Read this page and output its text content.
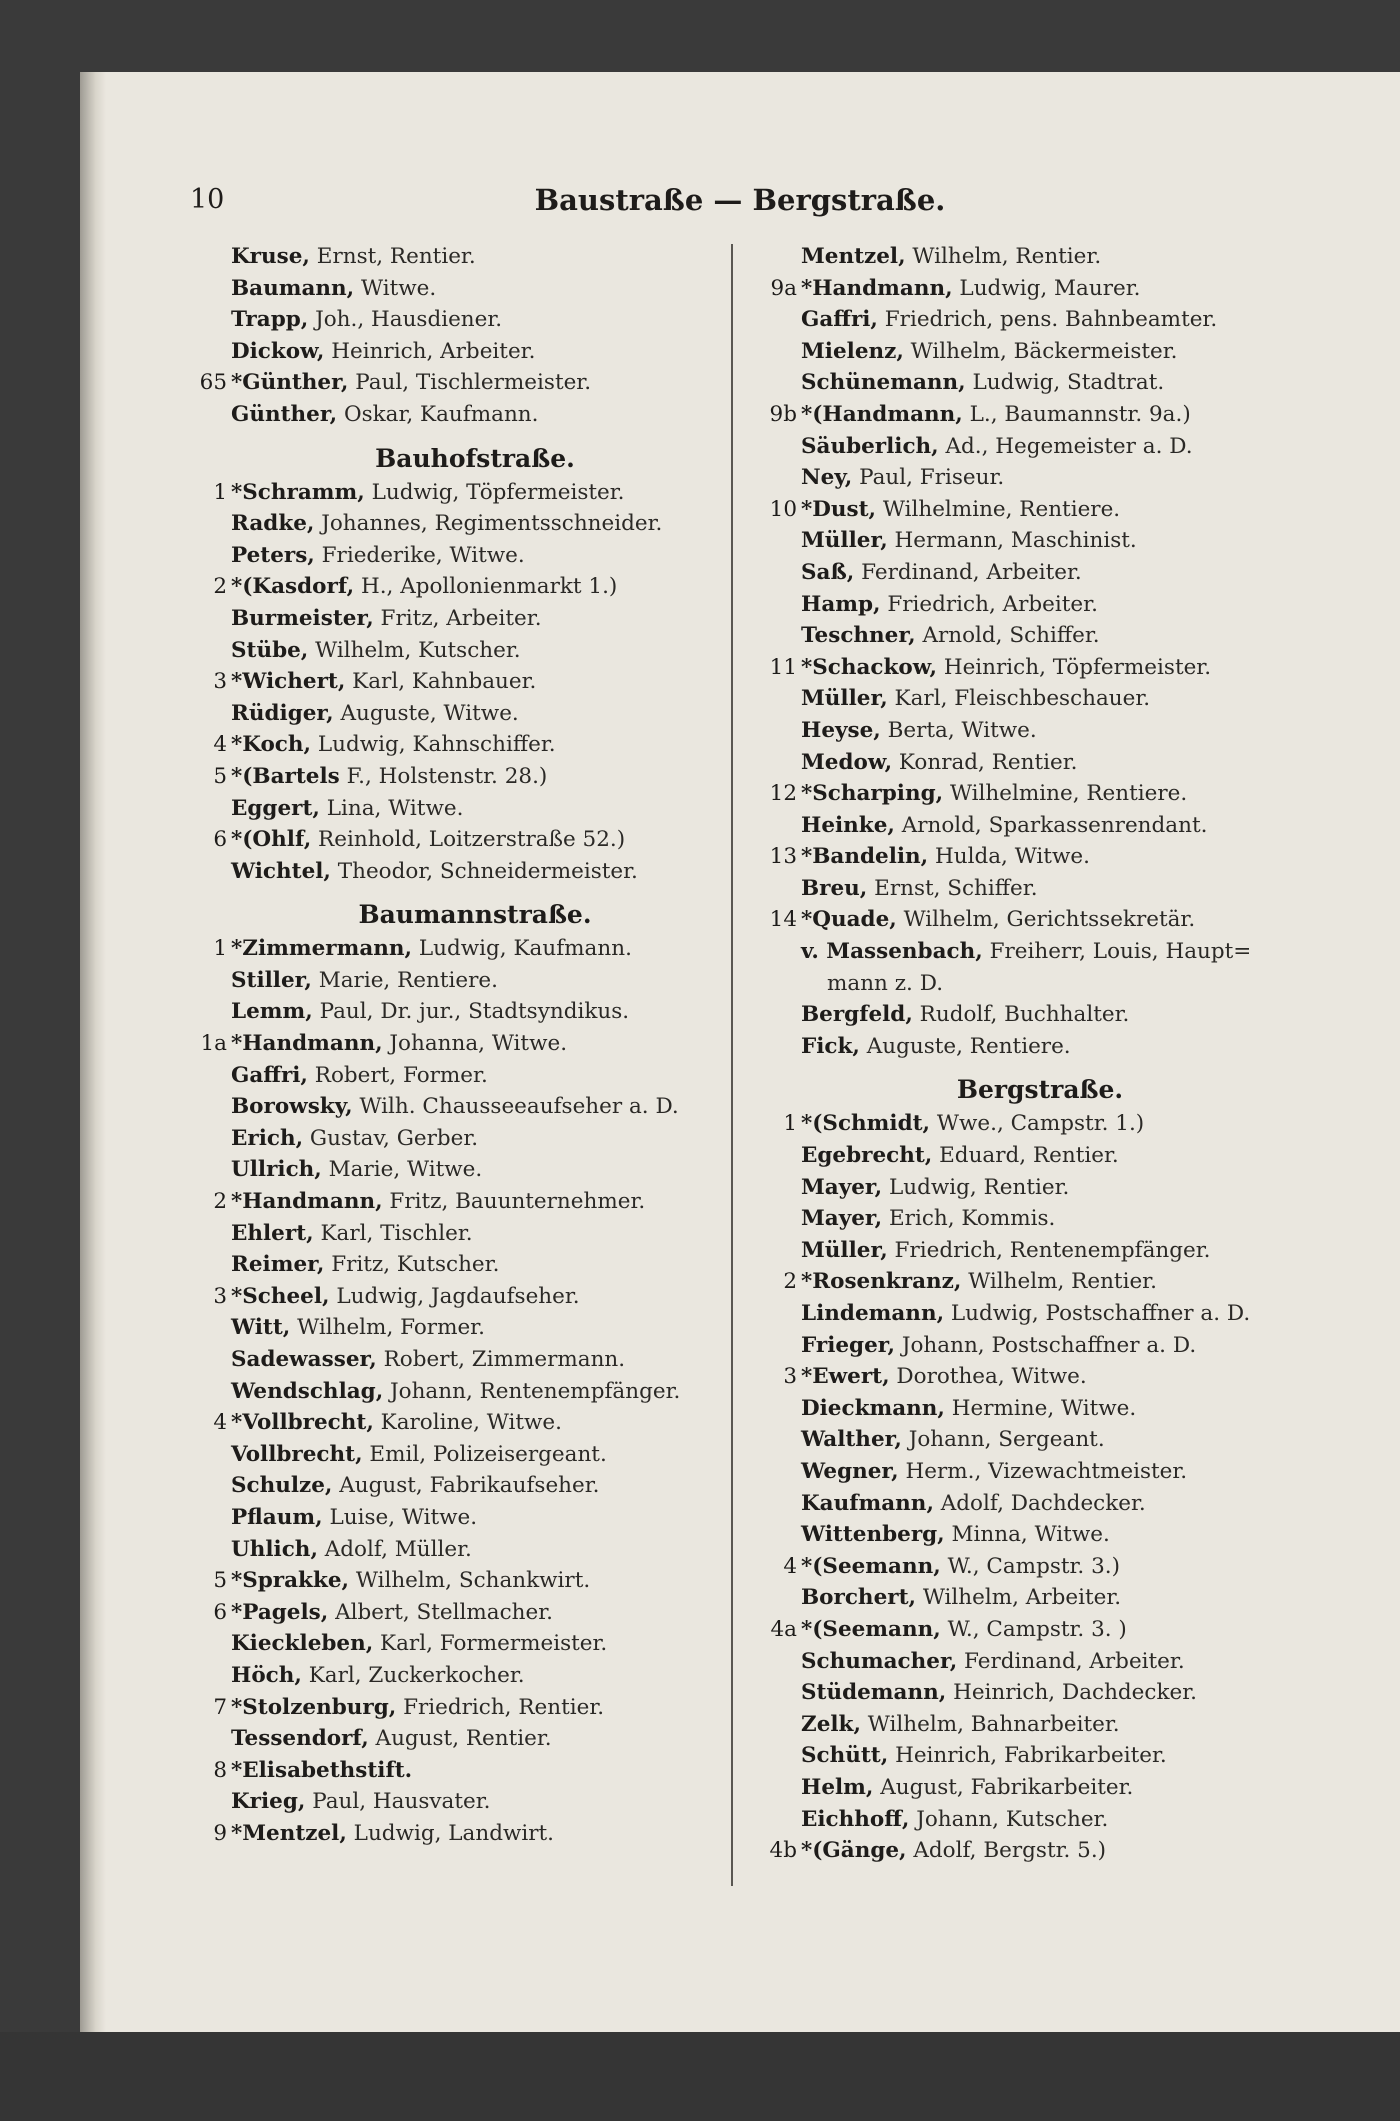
10	Baustraße — Bergstraße.
Kruse, Ernst, Rentier.
Baumann, Witwe.
Trapp, Joh., Hausdiener.
Dickow, Heinrich, Arbeiter.
65 *Günther, Paul, Tischlermeister.
Günther, Oskar, Kaufmann.
Bauhofstraße.
1 *Schramm, Ludwig, Töpfermeister.
Radke, Johannes, Regimentsschneider.
Peters, Friederike, Witwe.
2 *(Kasdorf, H., Apollonienmarkt 1.)
Burmeister, Fritz, Arbeiter.
Stübe, Wilhelm, Kutscher.
3 *Wichert, Karl, Kahnbauer.
Rüdiger, Auguste, Witwe.
4 *Koch, Ludwig, Kahnschiffer.
5 *(Bartels F., Holstenstr. 28.)
Eggert, Lina, Witwe.
6 *(Ohlf, Reinhold, Loitzerstraße 52.)
Wichtel, Theodor, Schneidermeister.
Baumannstraße.
1 *Zimmermann, Ludwig, Kaufmann.
Stiller, Marie, Rentiere.
Lemm, Paul, Dr. jur., Stadtsyndikus.
1a *Handmann, Johanna, Witwe.
Gaffri, Robert, Former.
Borowsky, Wilh. Chausseeaufseher a. D.
Erich, Gustav, Gerber.
Ullrich, Marie, Witwe.
2 *Handmann, Fritz, Bauunternehmer.
Ehlert, Karl, Tischler.
Reimer, Fritz, Kutscher.
3 *Scheel, Ludwig, Jagdaufseher.
Witt, Wilhelm, Former.
Sadewasser, Robert, Zimmermann.
Wendschlag, Johann, Rentenempfänger.
4 *Vollbrecht, Karoline, Witwe.
Vollbrecht, Emil, Polizeisergeant.
Schulze, August, Fabrikaufseher.
Pflaum, Luise, Witwe.
Uhlich, Adolf, Müller.
5 *Sprakke, Wilhelm, Schankwirt.
6 *Pagels, Albert, Stellmacher.
Kieckleben, Karl, Formermeister.
Höch, Karl, Zuckerkocher.
7 *Stolzenburg, Friedrich, Rentier.
Tessendorf, August, Rentier.
8 *Elisabethstift.
Krieg, Paul, Hausvater.
9 *Mentzel, Ludwig, Landwirt.
Mentzel, Wilhelm, Rentier.
9a *Handmann, Ludwig, Maurer.
Gaffri, Friedrich, pens. Bahnbeamter.
Mielenz, Wilhelm, Bäckermeister.
Schünemann, Ludwig, Stadtrat.
9b *(Handmann, L., Baumannstr. 9a.)
Säuberlich, Ad., Hegemeister a. D.
Ney, Paul, Friseur.
10 *Dust, Wilhelmine, Rentiere.
Müller, Hermann, Maschinist.
Saß, Ferdinand, Arbeiter.
Hamp, Friedrich, Arbeiter.
Teschner, Arnold, Schiffer.
11 *Schackow, Heinrich, Töpfermeister.
Müller, Karl, Fleischbeschauer.
Heyse, Berta, Witwe.
Medow, Konrad, Rentier.
12 *Scharping, Wilhelmine, Rentiere.
Heinke, Arnold, Sparkassenrendant.
13 *Bandelin, Hulda, Witwe.
Breu, Ernst, Schiffer.
14 *Quade, Wilhelm, Gerichtssekretär.
v. Massenbach, Freiherr, Louis, Haupt=
mann z. D.
Bergfeld, Rudolf, Buchhalter.
Fick, Auguste, Rentiere.
Bergstraße.
1 *(Schmidt, Wwe., Campstr. 1.)
Egebrecht, Eduard, Rentier.
Mayer, Ludwig, Rentier.
Mayer, Erich, Kommis.
Müller, Friedrich, Rentenempfänger.
2 *Rosenkranz, Wilhelm, Rentier.
Lindemann, Ludwig, Postschaffner a. D.
Frieger, Johann, Postschaffner a. D.
3 *Ewert, Dorothea, Witwe.
Dieckmann, Hermine, Witwe.
Walther, Johann, Sergeant.
Wegner, Herm., Vizewachtmeister.
Kaufmann, Adolf, Dachdecker.
Wittenberg, Minna, Witwe.
4 *(Seemann, W., Campstr. 3.)
Borchert, Wilhelm, Arbeiter.
4a *(Seemann, W., Campstr. 3. )
Schumacher, Ferdinand, Arbeiter.
Stüdemann, Heinrich, Dachdecker.
Zelk, Wilhelm, Bahnarbeiter.
Schütt, Heinrich, Fabrikarbeiter.
Helm, August, Fabrikarbeiter.
Eichhoff, Johann, Kutscher.
4b *(Gänge, Adolf, Bergstr. 5.)
